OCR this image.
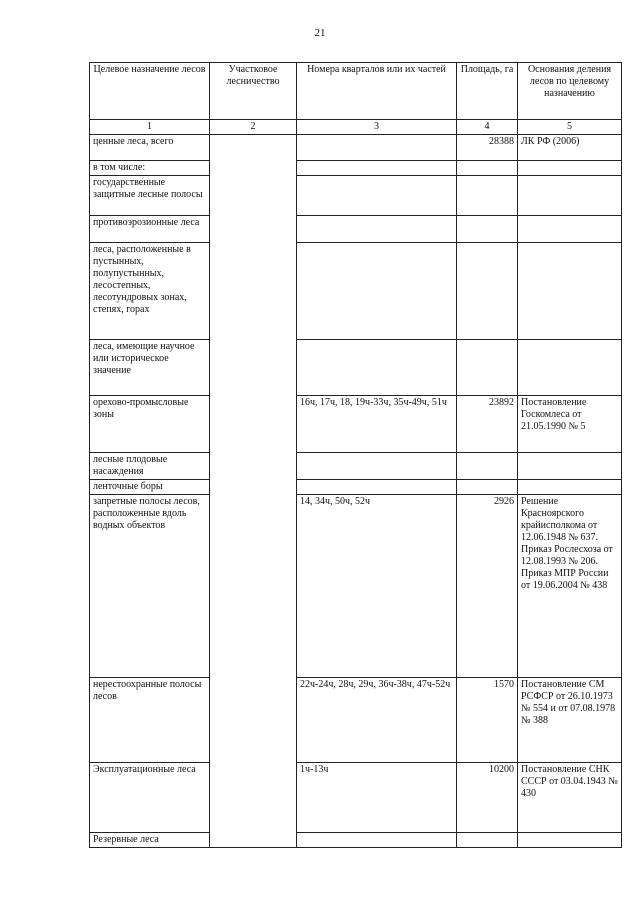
21
Целевое назначение лесов	Участковое лесничество	Номера кварталов или их частей	Площадь, га	Основания деления лесов по целевому назначению
1	2	3	4	5
ценные леса, всего			28388	ЛК РФ (2006)
в том числе:				
государственные защитные лесные полосы				
противоэрозионные леса				
леса, расположенные в пустынных, полупустынных, лесостепных, лесотундровых зонах, степях, горах				
леса, имеющие научное или историческое значение				
орехово-промысловые зоны		16ч, 17ч, 18, 19ч-33ч, 35ч-49ч, 51ч	23892	Постановление Госкомлеса от 21.05.1990 № 5
лесные плодовые насаждения				
ленточные боры				
запретные полосы лесов, расположенные вдоль водных объектов		14, 34ч, 50ч, 52ч	2926	Решение Красноярского крайисполкома от 12.06.1948 № 637. Приказ Рослесхоза от 12.08.1993 № 206. Приказ МПР России от 19.06.2004 № 438
нерестоохранные полосы лесов		22ч-24ч, 28ч, 29ч, 36ч-38ч, 47ч-52ч	1570	Постановление СМ РСФСР от 26.10.1973 № 554 и от 07.08.1978 № 388
Эксплуатационные леса		1ч-13ч	10200	Постановление СНК СССР от 03.04.1943 № 430
Резервные леса				
